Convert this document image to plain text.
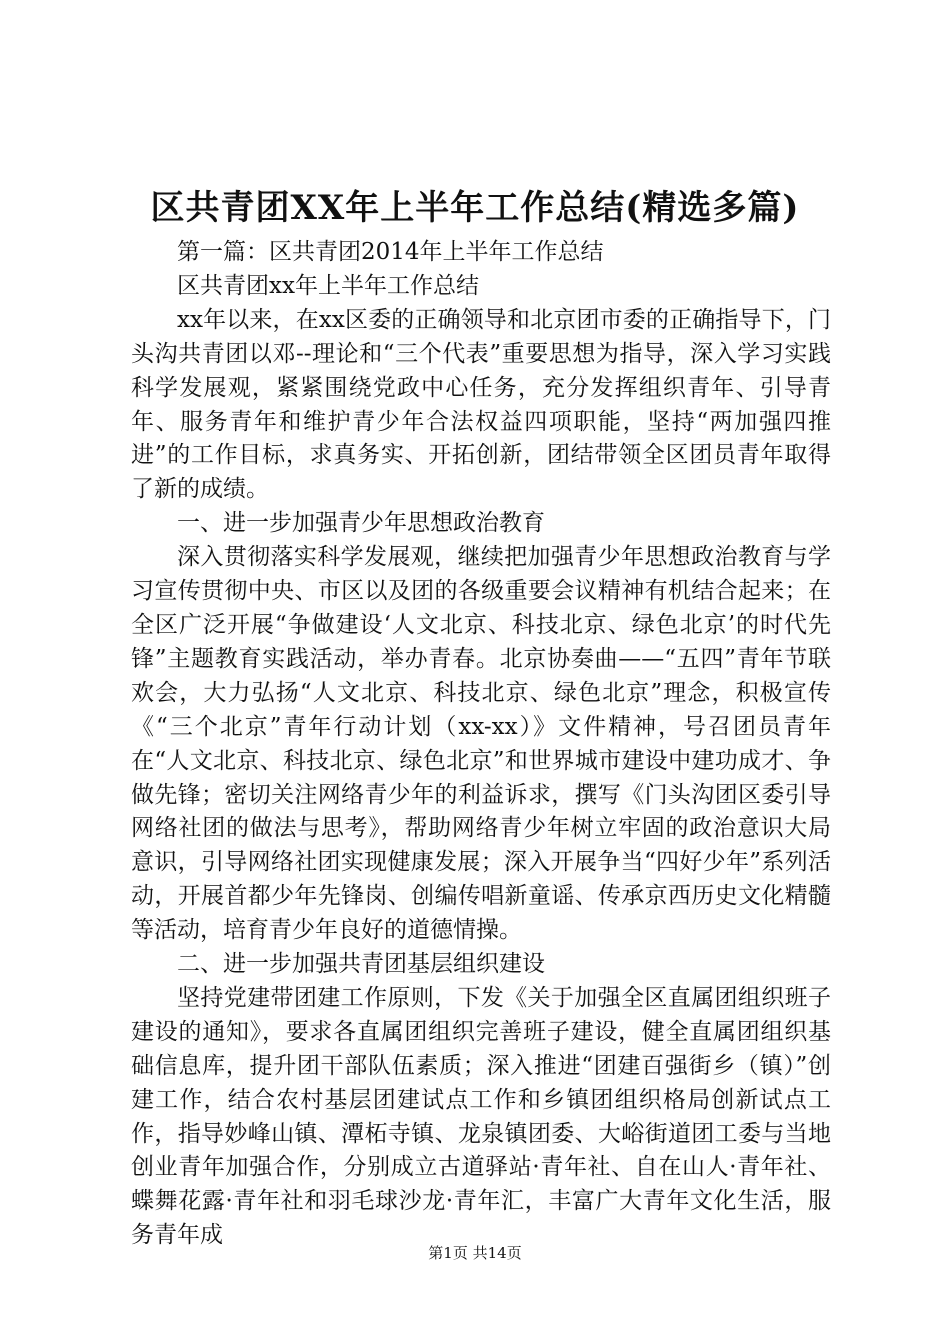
区共青团XX年上半年工作总结(精选多篇)

第一篇：区共青团2014年上半年工作总结

区共青团xx年上半年工作总结

xx年以来，在xx区委的正确领导和北京团市委的正确指导下，门头沟共青团以邓--理论和“三个代表”重要思想为指导，深入学习实践科学发展观，紧紧围绕党政中心任务，充分发挥组织青年、引导青年、服务青年和维护青少年合法权益四项职能，坚持“两加强四推进”的工作目标，求真务实、开拓创新，团结带领全区团员青年取得了新的成绩。

一、进一步加强青少年思想政治教育

深入贯彻落实科学发展观，继续把加强青少年思想政治教育与学习宣传贯彻中央、市区以及团的各级重要会议精神有机结合起来；在全区广泛开展“争做建设‘人文北京、科技北京、绿色北京’的时代先锋”主题教育实践活动，举办青春。北京协奏曲——“五四”青年节联欢会，大力弘扬“人文北京、科技北京、绿色北京”理念，积极宣传《“三个北京”青年行动计划（xx-xx）》文件精神，号召团员青年在“人文北京、科技北京、绿色北京”和世界城市建设中建功成才、争做先锋；密切关注网络青少年的利益诉求，撰写《门头沟团区委引导网络社团的做法与思考》，帮助网络青少年树立牢固的政治意识大局意识，引导网络社团实现健康发展；深入开展争当“四好少年”系列活动，开展首都少年先锋岗、创编传唱新童谣、传承京西历史文化精髓等活动，培育青少年良好的道德情操。

二、进一步加强共青团基层组织建设

坚持党建带团建工作原则，下发《关于加强全区直属团组织班子建设的通知》，要求各直属团组织完善班子建设，健全直属团组织基础信息库，提升团干部队伍素质；深入推进“团建百强街乡（镇）”创建工作，结合农村基层团建试点工作和乡镇团组织格局创新试点工作，指导妙峰山镇、潭柘寺镇、龙泉镇团委、大峪街道团工委与当地创业青年加强合作，分别成立古道驿站·青年社、自在山人·青年社、蝶舞花露·青年社和羽毛球沙龙·青年汇，丰富广大青年文化生活，服务青年成

第1页 共14页
